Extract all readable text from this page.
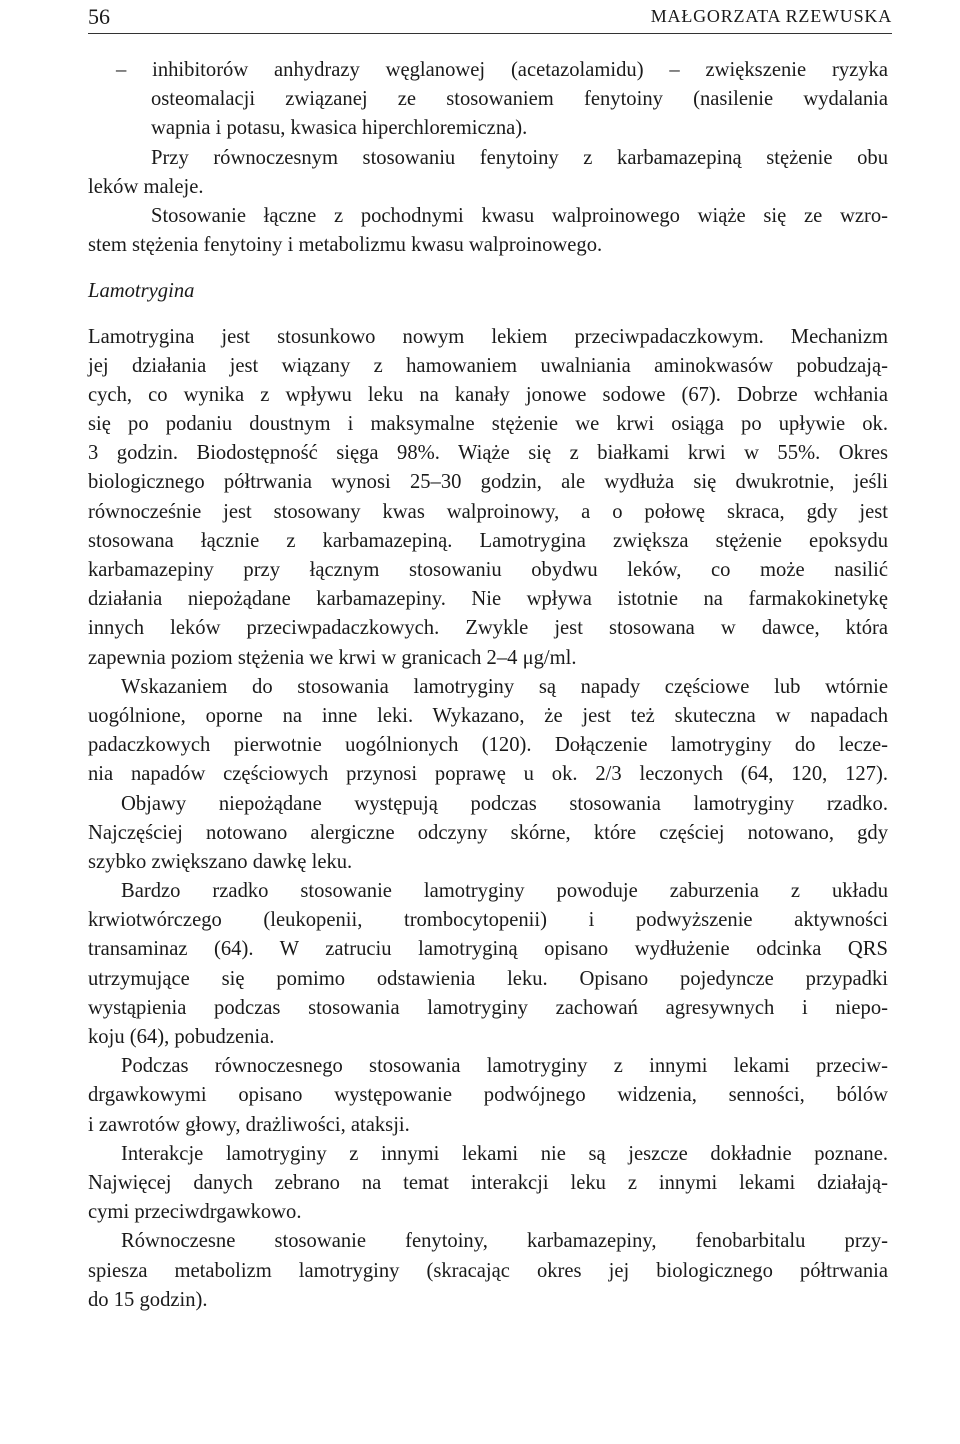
56	MAŁGORZATA RZEWUSKA
– inhibitorów anhydrazy węglanowej (acetazolamidu) – zwiększenie ryzyka
osteomalacji związanej ze stosowaniem fenytoiny (nasilenie wydalania
wapnia i potasu, kwasica hiperchloremiczna).
Przy równoczesnym stosowaniu fenytoiny z karbamazepiną stężenie obu
leków maleje.
Stosowanie łączne z pochodnymi kwasu walproinowego wiąże się ze wzro-
stem stężenia fenytoiny i metabolizmu kwasu walproinowego.
Lamotrygina
Lamotrygina jest stosunkowo nowym lekiem przeciwpadaczkowym. Mechanizm
jej działania jest wiązany z hamowaniem uwalniania aminokwasów pobudzają-
cych, co wynika z wpływu leku na kanały jonowe sodowe (67). Dobrze wchłania
się po podaniu doustnym i maksymalne stężenie we krwi osiąga po upływie ok.
3 godzin. Biodostępność sięga 98%. Wiąże się z białkami krwi w 55%. Okres
biologicznego półtrwania wynosi 25–30 godzin, ale wydłuża się dwukrotnie, jeśli
równocześnie jest stosowany kwas walproinowy, a o połowę skraca, gdy jest
stosowana łącznie z karbamazepiną. Lamotrygina zwiększa stężenie epoksydu
karbamazepiny przy łącznym stosowaniu obydwu leków, co może nasilić
działania niepożądane karbamazepiny. Nie wpływa istotnie na farmakokinetykę
innych leków przeciwpadaczkowych. Zwykle jest stosowana w dawce, która
zapewnia poziom stężenia we krwi w granicach 2–4 μg/ml.
Wskazaniem do stosowania lamotryginy są napady częściowe lub wtórnie
uogólnione, oporne na inne leki. Wykazano, że jest też skuteczna w napadach
padaczkowych pierwotnie uogólnionych (120). Dołączenie lamotryginy do lecze-
nia napadów częściowych przynosi poprawę u ok. 2/3 leczonych (64, 120, 127).
Objawy niepożądane występują podczas stosowania lamotryginy rzadko.
Najczęściej notowano alergiczne odczyny skórne, które częściej notowano, gdy
szybko zwiększano dawkę leku.
Bardzo rzadko stosowanie lamotryginy powoduje zaburzenia z układu
krwiotwórczego (leukopenii, trombocytopenii) i podwyższenie aktywności
transaminaz (64). W zatruciu lamotryginą opisano wydłużenie odcinka QRS
utrzymujące się pomimo odstawienia leku. Opisano pojedyncze przypadki
wystąpienia podczas stosowania lamotryginy zachowań agresywnych i niepo-
koju (64), pobudzenia.
Podczas równoczesnego stosowania lamotryginy z innymi lekami przeciw-
drgawkowymi opisano występowanie podwójnego widzenia, senności, bólów
i zawrotów głowy, drażliwości, ataksji.
Interakcje lamotryginy z innymi lekami nie są jeszcze dokładnie poznane.
Najwięcej danych zebrano na temat interakcji leku z innymi lekami działają-
cymi przeciwdrgawkowo.
Równoczesne stosowanie fenytoiny, karbamazepiny, fenobarbitalu przy-
spiesza metabolizm lamotryginy (skracając okres jej biologicznego półtrwania
do 15 godzin).
